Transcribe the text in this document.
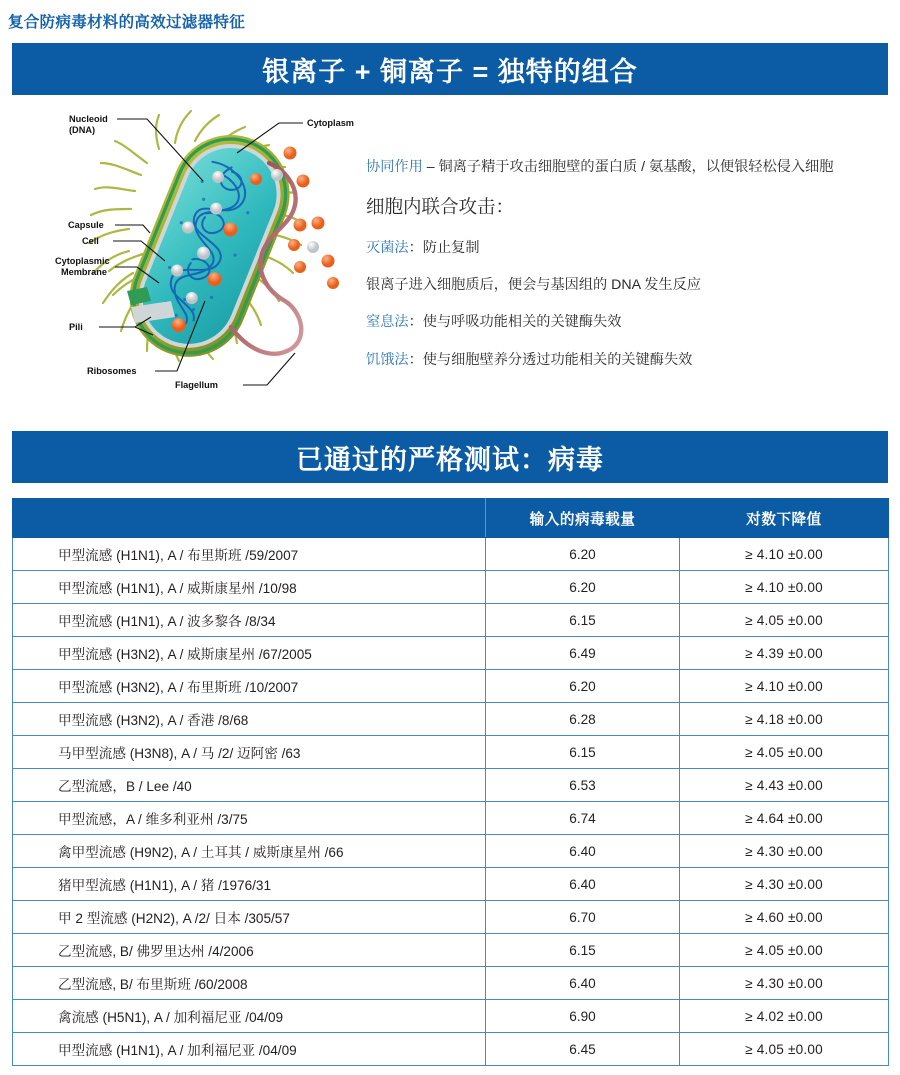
复合防病毒材料的高效过滤器特征
银离子 + 铜离子 = 独特的组合
Nucleoid
(DNA)
Cytoplasm
Capsule
Cell
Cytoplasmic
Membrane
Pili
Ribosomes
Flagellum

协同作用 – 铜离子精于攻击细胞壁的蛋白质 / 氨基酸，以便银轻松侵入细胞

细胞内联合攻击：

灭菌法：防止复制

银离子进入细胞质后，便会与基因组的 DNA 发生反应

窒息法：使与呼吸功能相关的关键酶失效

饥饿法：使与细胞壁养分透过功能相关的关键酶失效

已通过的严格测试：病毒
	输入的病毒载量	对数下降值
甲型流感 (H1N1), A / 布里斯班 /59/2007	6.20	≥ 4.10 ±0.00
甲型流感 (H1N1), A / 威斯康星州 /10/98	6.20	≥ 4.10 ±0.00
甲型流感 (H1N1), A / 波多黎各 /8/34	6.15	≥ 4.05 ±0.00
甲型流感 (H3N2), A / 威斯康星州 /67/2005	6.49	≥ 4.39 ±0.00
甲型流感 (H3N2), A / 布里斯班 /10/2007	6.20	≥ 4.10 ±0.00
甲型流感 (H3N2), A / 香港 /8/68	6.28	≥ 4.18 ±0.00
马甲型流感 (H3N8), A / 马 /2/ 迈阿密 /63	6.15	≥ 4.05 ±0.00
乙型流感，B / Lee /40	6.53	≥ 4.43 ±0.00
甲型流感，A / 维多利亚州 /3/75	6.74	≥ 4.64 ±0.00
禽甲型流感 (H9N2), A / 土耳其 / 威斯康星州 /66	6.40	≥ 4.30 ±0.00
猪甲型流感 (H1N1), A / 猪 /1976/31	6.40	≥ 4.30 ±0.00
甲 2 型流感 (H2N2), A /2/ 日本 /305/57	6.70	≥ 4.60 ±0.00
乙型流感, B/ 佛罗里达州 /4/2006	6.15	≥ 4.05 ±0.00
乙型流感, B/ 布里斯班 /60/2008	6.40	≥ 4.30 ±0.00
禽流感 (H5N1), A / 加利福尼亚 /04/09	6.90	≥ 4.02 ±0.00
甲型流感 (H1N1), A / 加利福尼亚 /04/09	6.45	≥ 4.05 ±0.00
